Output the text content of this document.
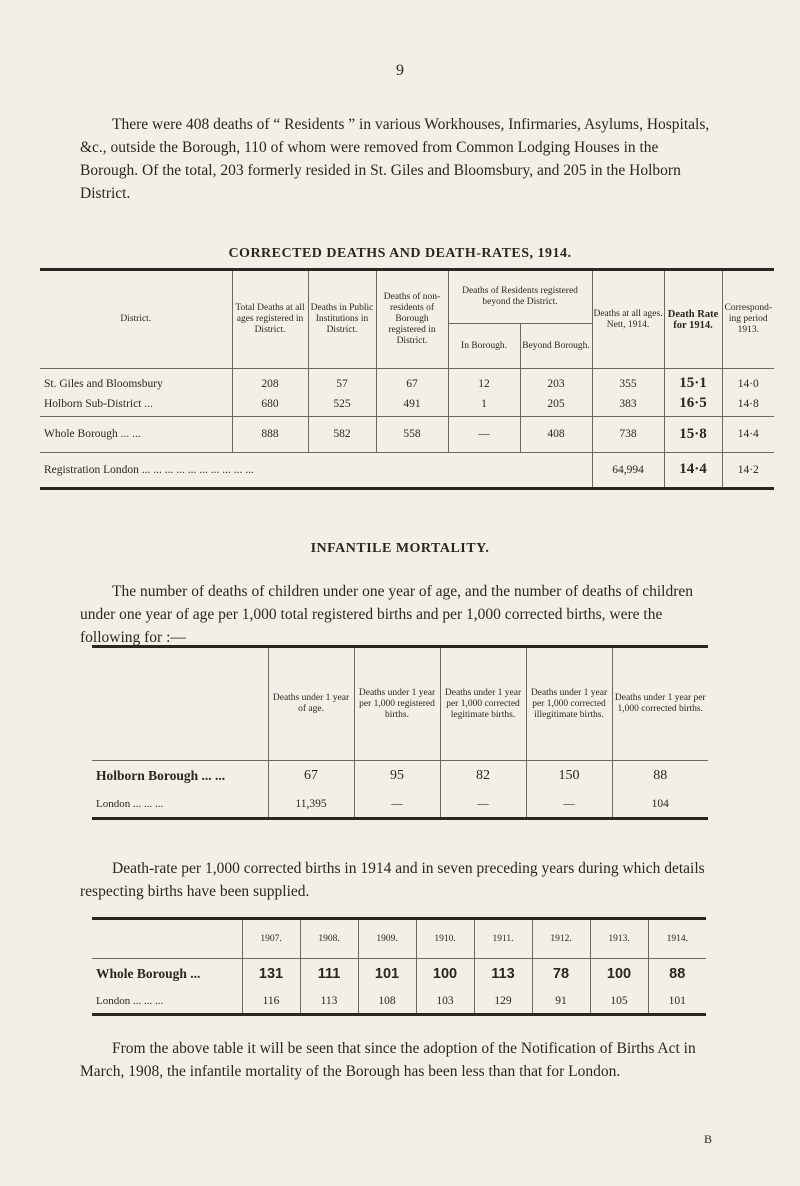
9

There were 408 deaths of “ Residents ” in various Workhouses, Infirmaries, Asylums, Hospitals, &c., outside the Borough, 110 of whom were removed from Common Lodging Houses in the Borough. Of the total, 203 formerly resided in St. Giles and Bloomsbury, and 205 in the Holborn District.

CORRECTED DEATHS AND DEATH-RATES, 1914.
District.	Total Deaths at all ages registered in District.	Deaths in Public Institutions in District.	Deaths of non-residents of Borough registered in District.	Deaths of Residents registered beyond the District.		Deaths at all ages. Nett, 1914.	Death Rate for 1914.	Correspond- ing period 1913.
				In Borough.	Beyond Borough.			
St. Giles and Bloomsbury	208	57	67	12	203	355	15·1	14·0
Holborn Sub-District ...	680	525	491	1	205	383	16·5	14·8
Whole Borough ... ...	888	582	558	—	408	738	15·8	14·4
Registration London ... ... ... ... ... ... ... ... ... ...						64,994	14·4	14·2
INFANTILE MORTALITY.

The number of deaths of children under one year of age, and the number of deaths of children under one year of age per 1,000 total registered births and per 1,000 corrected births, were the following for :—

	Deaths under 1 year of age.	Deaths under 1 year per 1,000 registered births.	Deaths under 1 year per 1,000 corrected legitimate births.	Deaths under 1 year per 1,000 corrected illegitimate births.	Deaths under 1 year per 1,000 corrected births.
Holborn Borough ... ...	67	95	82	150	88
London ... ... ...	11,395	—	—	—	104

Death-rate per 1,000 corrected births in 1914 and in seven preceding years during which details respecting births have been supplied.

	1907.	1908.	1909.	1910.	1911.	1912.	1913.	1914.
Whole Borough ...	131	111	101	100	113	78	100	88
London ... ... ...	116	113	108	103	129	91	105	101

From the above table it will be seen that since the adoption of the Notification of Births Act in March, 1908, the infantile mortality of the Borough has been less than that for London.

B
